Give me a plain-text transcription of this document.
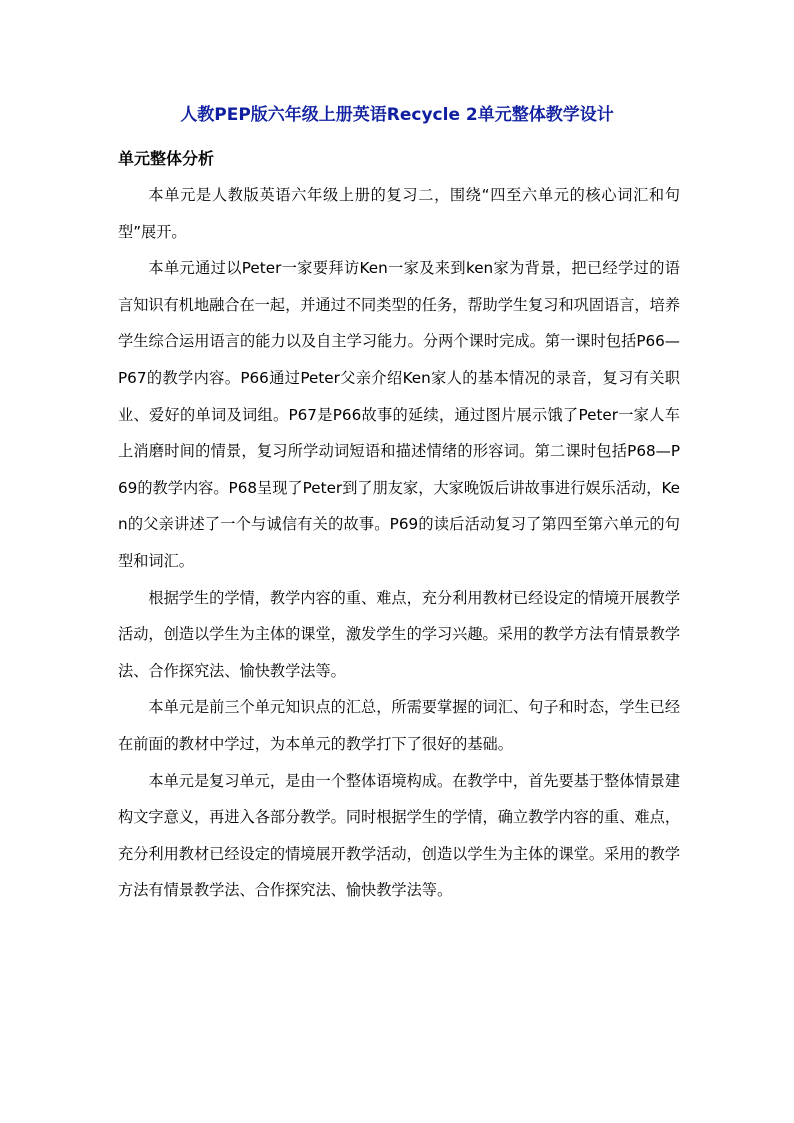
人教PEP版六年级上册英语Recycle 2单元整体教学设计
单元整体分析

本单元是人教版英语六年级上册的复习二，围绕“四至六单元的核心词汇和句型”展开。

本单元通过以Peter一家要拜访Ken一家及来到ken家为背景，把已经学过的语言知识有机地融合在一起，并通过不同类型的任务，帮助学生复习和巩固语言，培养学生综合运用语言的能力以及自主学习能力。分两个课时完成。第一课时包括P66—P67的教学内容。P66通过Peter父亲介绍Ken家人的基本情况的录音，复习有关职业、爱好的单词及词组。P67是P66故事的延续，通过图片展示饿了Peter一家人车上消磨时间的情景，复习所学动词短语和描述情绪的形容词。第二课时包括P68—P69的教学内容。P68呈现了Peter到了朋友家，大家晚饭后讲故事进行娱乐活动，Ken的父亲讲述了一个与诚信有关的故事。P69的读后活动复习了第四至第六单元的句型和词汇。

根据学生的学情，教学内容的重、难点，充分利用教材已经设定的情境开展教学活动，创造以学生为主体的课堂，激发学生的学习兴趣。采用的教学方法有情景教学法、合作探究法、愉快教学法等。

本单元是前三个单元知识点的汇总，所需要掌握的词汇、句子和时态，学生已经在前面的教材中学过，为本单元的教学打下了很好的基础。

本单元是复习单元，是由一个整体语境构成。在教学中，首先要基于整体情景建构文字意义，再进入各部分教学。同时根据学生的学情，确立教学内容的重、难点，充分利用教材已经设定的情境展开教学活动，创造以学生为主体的课堂。采用的教学方法有情景教学法、合作探究法、愉快教学法等。
